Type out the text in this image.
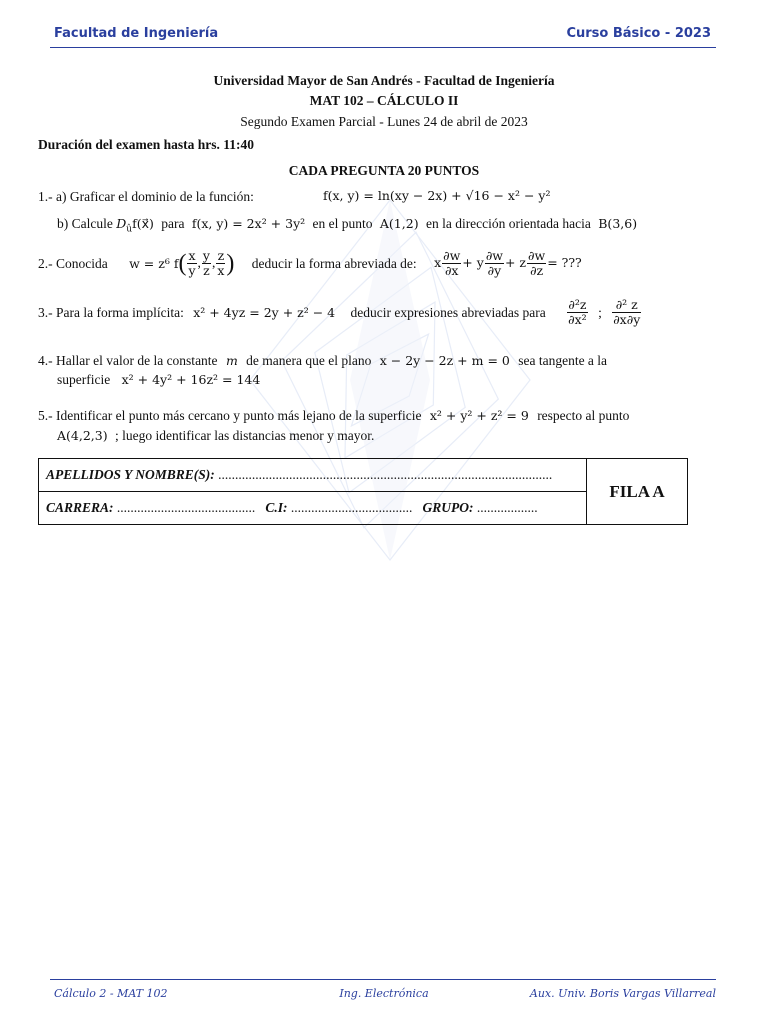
Facultad de Ingeniería	Curso Básico - 2023
Universidad Mayor de San Andrés - Facultad de Ingeniería
MAT 102 – CÁLCULO II
Segundo Examen Parcial - Lunes 24 de abril de 2023
Duración del examen hasta hrs. 11:40
CADA PREGUNTA 20 PUNTOS
1.- a) Graficar el dominio de la función:	f(x, y) = ln(xy − 2x) + √16 − x² − y²
b) Calcule $D_ûf(x⃗)$ para f(x, y) = 2x² + 3y² en el punto A(1,2) en la dirección orientada hacia B(3,6)
2.- Conocida w = z⁶ $f( \frac{x}{y}$ , $\frac{y}{z}$ , $\frac{z}{x}$ ) deducir la forma abreviada de: x $\frac{\partial w}{\partial x} + y \frac{\partial w}{\partial y} + z \frac{\partial w}{\partial z}$ = ???
3.- Para la forma implícita: x² + 4yz = 2y + z² − 4 deducir expresiones abreviadas para $\frac{\text{∂²z}}{\text{∂x²}}$ ; $\frac{\text{∂² z}}{\partial x\partial y}$
4.- Hallar el valor de la constante m de manera que el plano x − 2y − 2z + m = 0 sea tangente a la
superficie x² + 4y² + 16z² = 144
5.- Identificar el punto más cercano y punto más lejano de la superficie x² + y² + z² = 9 respecto al punto
A(4,2,3) ; luego identificar las distancias menor y mayor.
APELLIDOS Y NOMBRE(S): ...................................................................................................	FILA A
CARRERA: ......................................... C.I: .................................... GRUPO: ..................
Cálculo 2 - MAT 102	Ing. Electrónica	Aux. Univ. Boris Vargas Villarreal
